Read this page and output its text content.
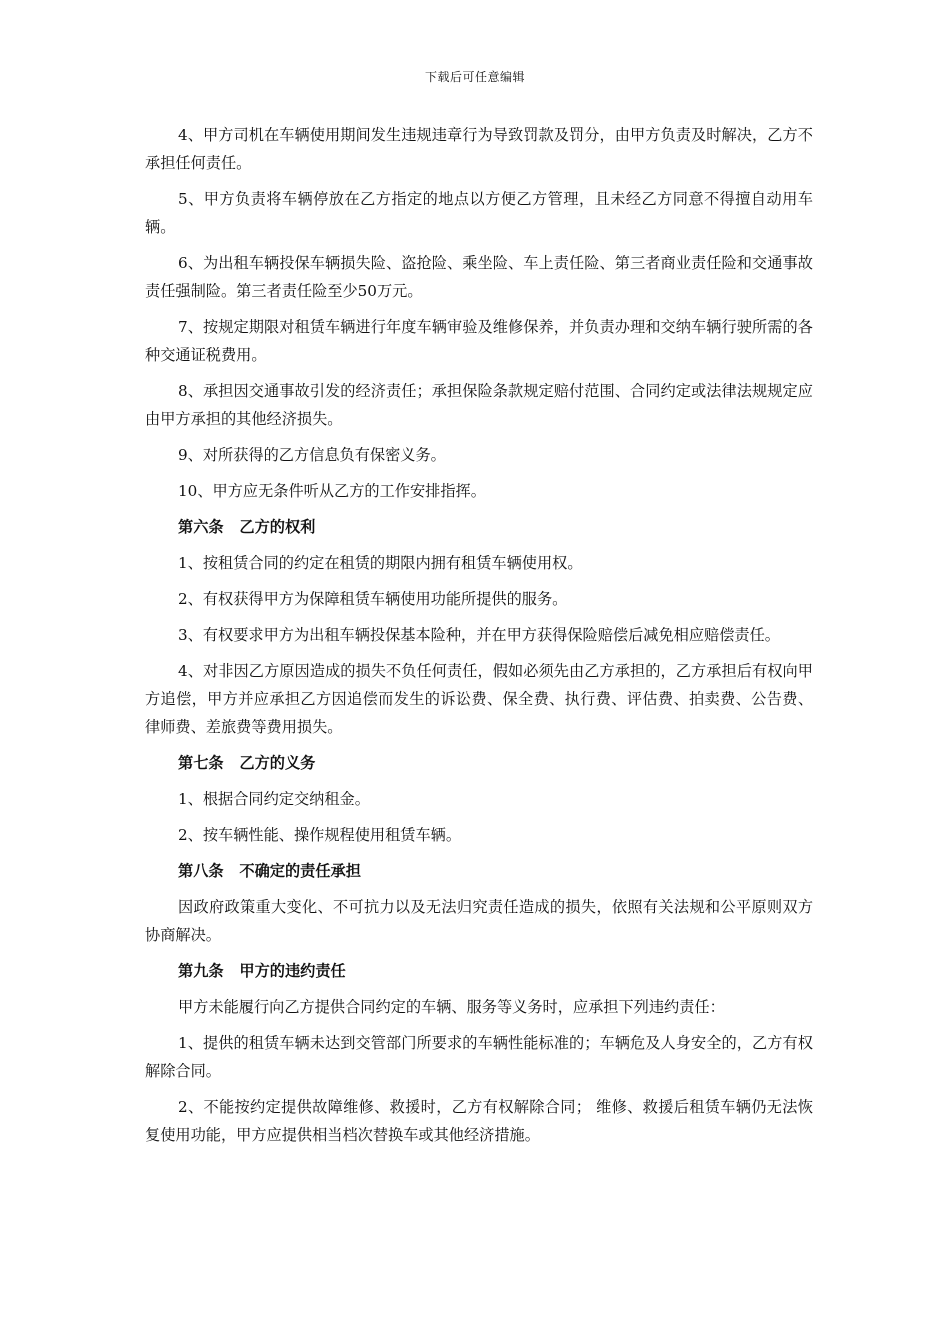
下载后可任意编辑

4、甲方司机在车辆使用期间发生违规违章行为导致罚款及罚分，由甲方负责及时解决，乙方不承担任何责任。

5、甲方负责将车辆停放在乙方指定的地点以方便乙方管理，且未经乙方同意不得擅自动用车辆。

6、为出租车辆投保车辆损失险、盗抢险、乘坐险、车上责任险、第三者商业责任险和交通事故责任强制险。第三者责任险至少50万元。

7、按规定期限对租赁车辆进行年度车辆审验及维修保养，并负责办理和交纳车辆行驶所需的各种交通证税费用。

8、承担因交通事故引发的经济责任；承担保险条款规定赔付范围、合同约定或法律法规规定应由甲方承担的其他经济损失。

9、对所获得的乙方信息负有保密义务。

10、甲方应无条件听从乙方的工作安排指挥。

第六条   乙方的权利

1、按租赁合同的约定在租赁的期限内拥有租赁车辆使用权。

2、有权获得甲方为保障租赁车辆使用功能所提供的服务。

3、有权要求甲方为出租车辆投保基本险种，并在甲方获得保险赔偿后减免相应赔偿责任。

4、对非因乙方原因造成的损失不负任何责任，假如必须先由乙方承担的，乙方承担后有权向甲方追偿，甲方并应承担乙方因追偿而发生的诉讼费、保全费、执行费、评估费、拍卖费、公告费、律师费、差旅费等费用损失。

第七条   乙方的义务

1、根据合同约定交纳租金。

2、按车辆性能、操作规程使用租赁车辆。

第八条   不确定的责任承担

因政府政策重大变化、不可抗力以及无法归究责任造成的损失，依照有关法规和公平原则双方协商解决。

第九条   甲方的违约责任

甲方未能履行向乙方提供合同约定的车辆、服务等义务时，应承担下列违约责任：

1、提供的租赁车辆未达到交管部门所要求的车辆性能标准的；车辆危及人身安全的，乙方有权解除合同。

2、不能按约定提供故障维修、救援时，乙方有权解除合同； 维修、救援后租赁车辆仍无法恢复使用功能，甲方应提供相当档次替换车或其他经济措施。
